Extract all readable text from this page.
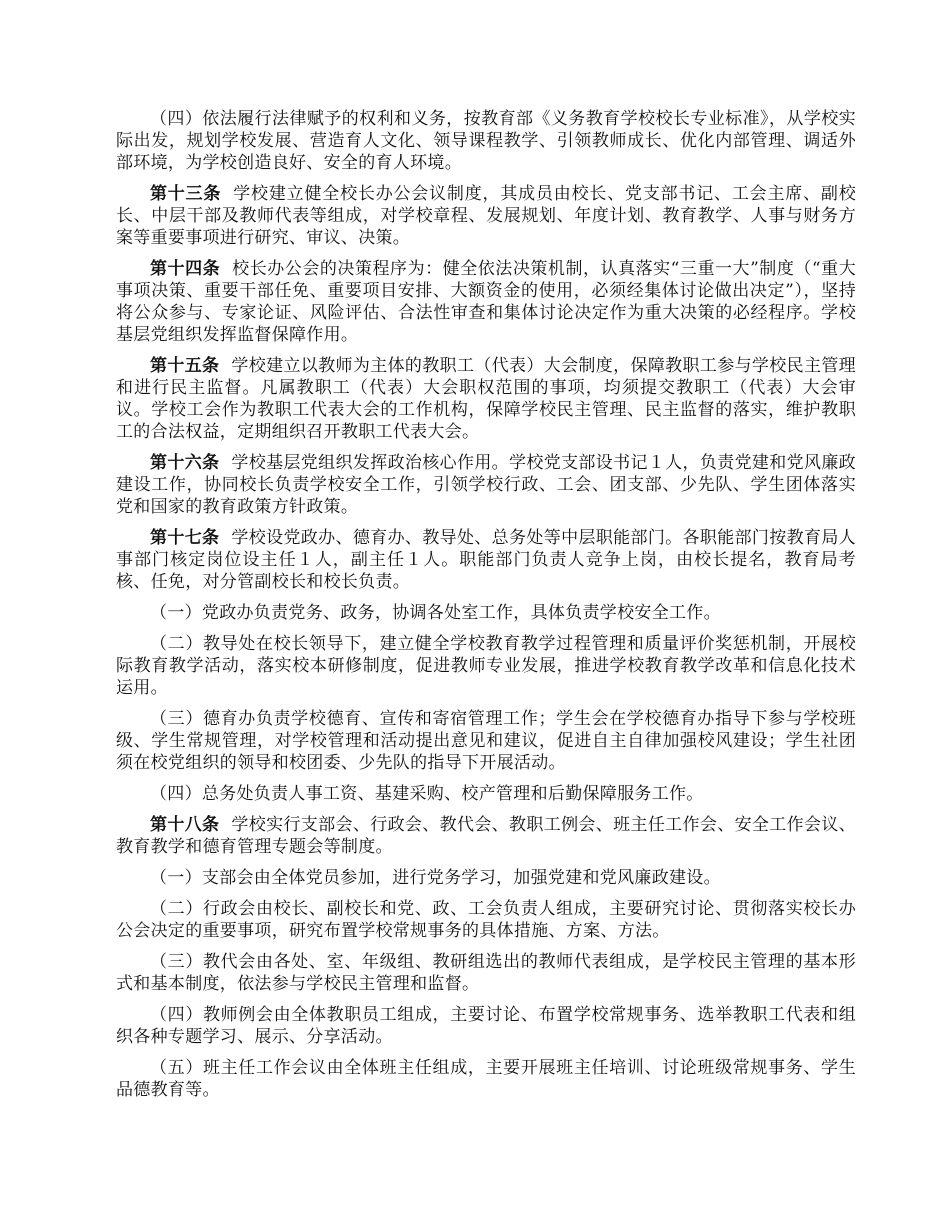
（四）依法履行法律赋予的权利和义务，按教育部《义务教育学校校长专业标准》，从学校实际出发，规划学校发展、营造育人文化、领导课程教学、引领教师成长、优化内部管理、调适外部环境，为学校创造良好、安全的育人环境。

第十三条 学校建立健全校长办公会议制度，其成员由校长、党支部书记、工会主席、副校长、中层干部及教师代表等组成，对学校章程、发展规划、年度计划、教育教学、人事与财务方案等重要事项进行研究、审议、决策。

第十四条 校长办公会的决策程序为：健全依法决策机制，认真落实“三重一大”制度（“重大事项决策、重要干部任免、重要项目安排、大额资金的使用，必须经集体讨论做出决定”），坚持将公众参与、专家论证、风险评估、合法性审查和集体讨论决定作为重大决策的必经程序。学校基层党组织发挥监督保障作用。

第十五条 学校建立以教师为主体的教职工（代表）大会制度，保障教职工参与学校民主管理和进行民主监督。凡属教职工（代表）大会职权范围的事项，均须提交教职工（代表）大会审议。学校工会作为教职工代表大会的工作机构，保障学校民主管理、民主监督的落实，维护教职工的合法权益，定期组织召开教职工代表大会。

第十六条 学校基层党组织发挥政治核心作用。学校党支部设书记１人，负责党建和党风廉政建设工作，协同校长负责学校安全工作，引领学校行政、工会、团支部、少先队、学生团体落实党和国家的教育政策方针政策。

第十七条 学校设党政办、德育办、教导处、总务处等中层职能部门。各职能部门按教育局人事部门核定岗位设主任１人，副主任１人。职能部门负责人竞争上岗，由校长提名，教育局考核、任免，对分管副校长和校长负责。

（一）党政办负责党务、政务，协调各处室工作，具体负责学校安全工作。

（二）教导处在校长领导下，建立健全学校教育教学过程管理和质量评价奖惩机制，开展校际教育教学活动，落实校本研修制度，促进教师专业发展，推进学校教育教学改革和信息化技术运用。

（三）德育办负责学校德育、宣传和寄宿管理工作；学生会在学校德育办指导下参与学校班级、学生常规管理，对学校管理和活动提出意见和建议，促进自主自律加强校风建设；学生社团须在校党组织的领导和校团委、少先队的指导下开展活动。

（四）总务处负责人事工资、基建采购、校产管理和后勤保障服务工作。

第十八条 学校实行支部会、行政会、教代会、教职工例会、班主任工作会、安全工作会议、教育教学和德育管理专题会等制度。

（一）支部会由全体党员参加，进行党务学习，加强党建和党风廉政建设。

（二）行政会由校长、副校长和党、政、工会负责人组成，主要研究讨论、贯彻落实校长办公会决定的重要事项，研究布置学校常规事务的具体措施、方案、方法。

（三）教代会由各处、室、年级组、教研组选出的教师代表组成，是学校民主管理的基本形式和基本制度，依法参与学校民主管理和监督。

（四）教师例会由全体教职员工组成，主要讨论、布置学校常规事务、选举教职工代表和组织各种专题学习、展示、分享活动。

（五）班主任工作会议由全体班主任组成，主要开展班主任培训、讨论班级常规事务、学生品德教育等。
